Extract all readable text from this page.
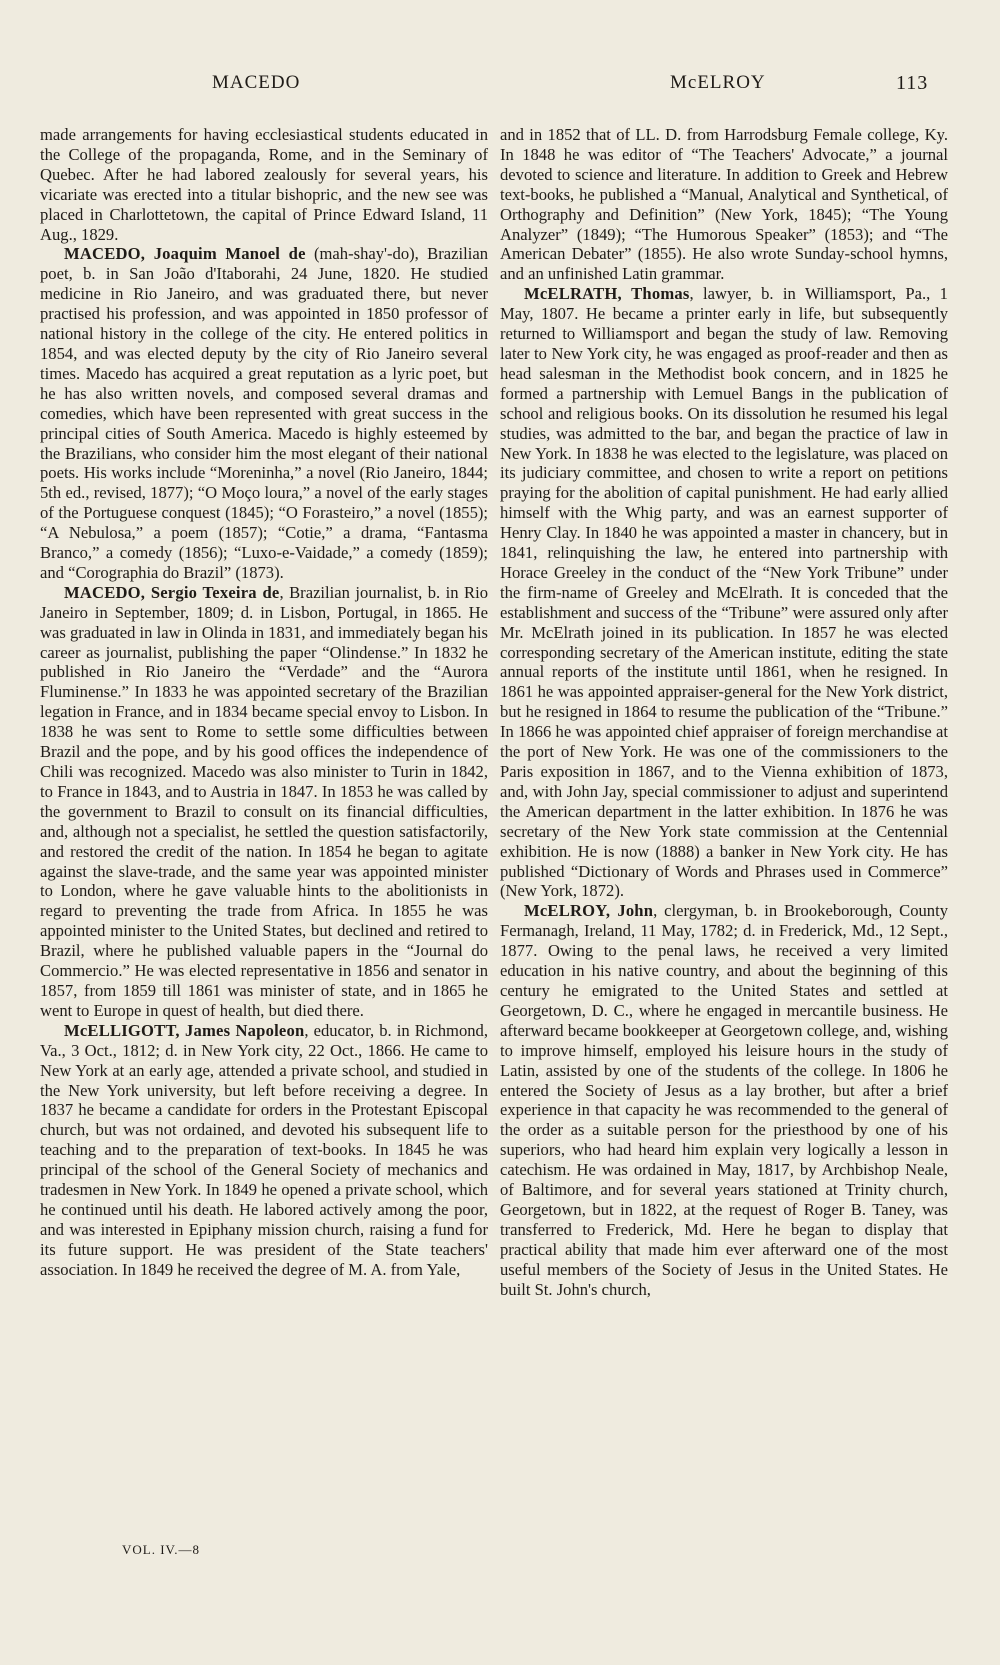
MACEDO	McELROY	113

made arrangements for having ecclesiastical students educated in the College of the propaganda, Rome, and in the Seminary of Quebec. After he had labored zealously for several years, his vicariate was erected into a titular bishopric, and the new see was placed in Charlottetown, the capital of Prince Edward Island, 11 Aug., 1829.

MACEDO, Joaquim Manoel de (mah-shay'-do), Brazilian poet, b. in San João d'Itaborahi, 24 June, 1820. He studied medicine in Rio Janeiro, and was graduated there, but never practised his profession, and was appointed in 1850 professor of national history in the college of the city. He entered politics in 1854, and was elected deputy by the city of Rio Janeiro several times. Macedo has acquired a great reputation as a lyric poet, but he has also written novels, and composed several dramas and comedies, which have been represented with great success in the principal cities of South America. Macedo is highly esteemed by the Brazilians, who consider him the most elegant of their national poets. His works include “Moreninha,” a novel (Rio Janeiro, 1844; 5th ed., revised, 1877); “O Moço loura,” a novel of the early stages of the Portuguese conquest (1845); “O Forasteiro,” a novel (1855); “A Nebulosa,” a poem (1857); “Cotie,” a drama, “Fantasma Branco,” a comedy (1856); “Luxo-e-Vaidade,” a comedy (1859); and “Corographia do Brazil” (1873).

MACEDO, Sergio Texeira de, Brazilian journalist, b. in Rio Janeiro in September, 1809; d. in Lisbon, Portugal, in 1865. He was graduated in law in Olinda in 1831, and immediately began his career as journalist, publishing the paper “Olindense.” In 1832 he published in Rio Janeiro the “Verdade” and the “Aurora Fluminense.” In 1833 he was appointed secretary of the Brazilian legation in France, and in 1834 became special envoy to Lisbon. In 1838 he was sent to Rome to settle some difficulties between Brazil and the pope, and by his good offices the independence of Chili was recognized. Macedo was also minister to Turin in 1842, to France in 1843, and to Austria in 1847. In 1853 he was called by the government to Brazil to consult on its financial difficulties, and, although not a specialist, he settled the question satisfactorily, and restored the credit of the nation. In 1854 he began to agitate against the slave-trade, and the same year was appointed minister to London, where he gave valuable hints to the abolitionists in regard to preventing the trade from Africa. In 1855 he was appointed minister to the United States, but declined and retired to Brazil, where he published valuable papers in the “Journal do Commercio.” He was elected representative in 1856 and senator in 1857, from 1859 till 1861 was minister of state, and in 1865 he went to Europe in quest of health, but died there.

McELLIGOTT, James Napoleon, educator, b. in Richmond, Va., 3 Oct., 1812; d. in New York city, 22 Oct., 1866. He came to New York at an early age, attended a private school, and studied in the New York university, but left before receiving a degree. In 1837 he became a candidate for orders in the Protestant Episcopal church, but was not ordained, and devoted his subsequent life to teaching and to the preparation of text-books. In 1845 he was principal of the school of the General Society of mechanics and tradesmen in New York. In 1849 he opened a private school, which he continued until his death. He labored actively among the poor, and was interested in Epiphany mission church, raising a fund for its future support. He was president of the State teachers' association. In 1849 he received the degree of M. A. from Yale,

and in 1852 that of LL. D. from Harrodsburg Female college, Ky. In 1848 he was editor of “The Teachers' Advocate,” a journal devoted to science and literature. In addition to Greek and Hebrew text-books, he published a “Manual, Analytical and Synthetical, of Orthography and Definition” (New York, 1845); “The Young Analyzer” (1849); “The Humorous Speaker” (1853); and “The American Debater” (1855). He also wrote Sunday-school hymns, and an unfinished Latin grammar.

McELRATH, Thomas, lawyer, b. in Williamsport, Pa., 1 May, 1807. He became a printer early in life, but subsequently returned to Williamsport and began the study of law. Removing later to New York city, he was engaged as proof-reader and then as head salesman in the Methodist book concern, and in 1825 he formed a partnership with Lemuel Bangs in the publication of school and religious books. On its dissolution he resumed his legal studies, was admitted to the bar, and began the practice of law in New York. In 1838 he was elected to the legislature, was placed on its judiciary committee, and chosen to write a report on petitions praying for the abolition of capital punishment. He had early allied himself with the Whig party, and was an earnest supporter of Henry Clay. In 1840 he was appointed a master in chancery, but in 1841, relinquishing the law, he entered into partnership with Horace Greeley in the conduct of the “New York Tribune” under the firm-name of Greeley and McElrath. It is conceded that the establishment and success of the “Tribune” were assured only after Mr. McElrath joined in its publication. In 1857 he was elected corresponding secretary of the American institute, editing the state annual reports of the institute until 1861, when he resigned. In 1861 he was appointed appraiser-general for the New York district, but he resigned in 1864 to resume the publication of the “Tribune.” In 1866 he was appointed chief appraiser of foreign merchandise at the port of New York. He was one of the commissioners to the Paris exposition in 1867, and to the Vienna exhibition of 1873, and, with John Jay, special commissioner to adjust and superintend the American department in the latter exhibition. In 1876 he was secretary of the New York state commission at the Centennial exhibition. He is now (1888) a banker in New York city. He has published “Dictionary of Words and Phrases used in Commerce” (New York, 1872).

McELROY, John, clergyman, b. in Brookeborough, County Fermanagh, Ireland, 11 May, 1782; d. in Frederick, Md., 12 Sept., 1877. Owing to the penal laws, he received a very limited education in his native country, and about the beginning of this century he emigrated to the United States and settled at Georgetown, D. C., where he engaged in mercantile business. He afterward became bookkeeper at Georgetown college, and, wishing to improve himself, employed his leisure hours in the study of Latin, assisted by one of the students of the college. In 1806 he entered the Society of Jesus as a lay brother, but after a brief experience in that capacity he was recommended to the general of the order as a suitable person for the priesthood by one of his superiors, who had heard him explain very logically a lesson in catechism. He was ordained in May, 1817, by Archbishop Neale, of Baltimore, and for several years stationed at Trinity church, Georgetown, but in 1822, at the request of Roger B. Taney, was transferred to Frederick, Md. Here he began to display that practical ability that made him ever afterward one of the most useful members of the Society of Jesus in the United States. He built St. John's church,

VOL. IV.—8
